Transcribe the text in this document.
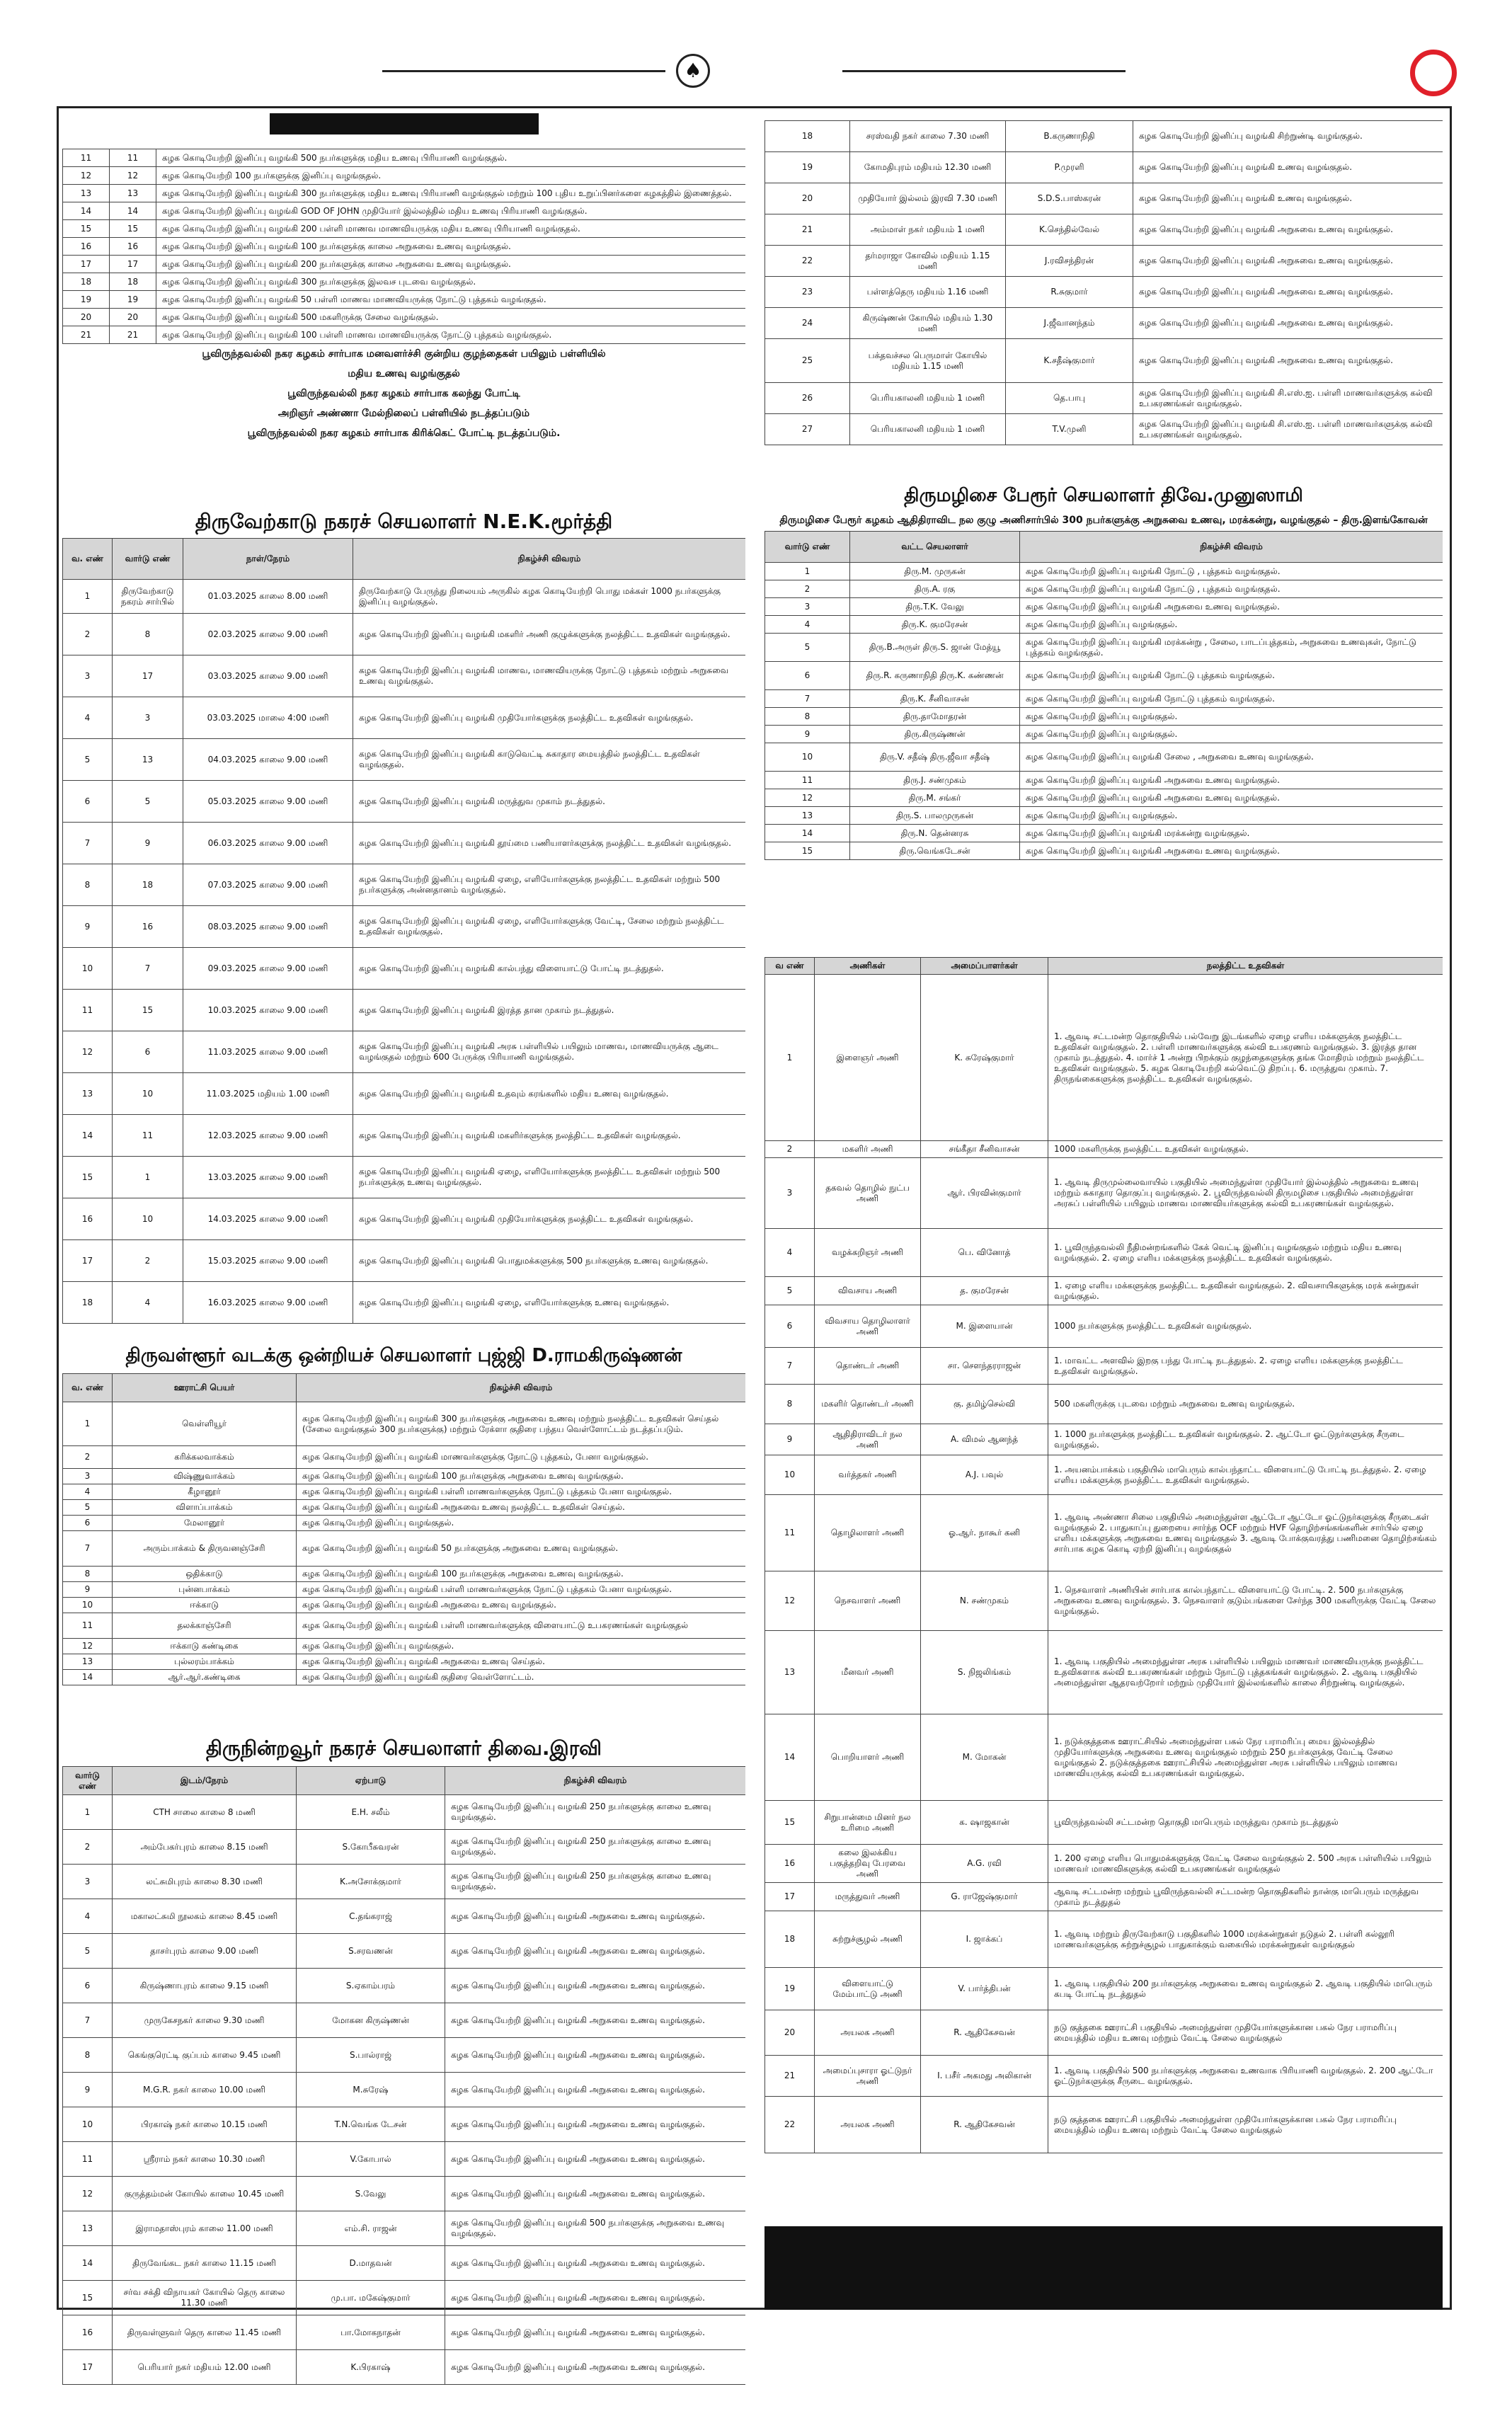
♠
11	11	கழக கொடியேற்றி இனிப்பு வழங்கி 500 நபர்களுக்கு மதிய உணவு பிரியாணி வழங்குதல்.
12	12	கழக கொடியேற்றி 100 நபர்களுக்கு இனிப்பு வழங்குதல்.
13	13	கழக கொடியேற்றி இனிப்பு வழங்கி 300 நபர்களுக்கு மதிய உணவு பிரியாணி வழங்குதல் மற்றும் 100 புதிய உறுப்பினர்களை கழகத்தில் இணைத்தல்.
14	14	கழக கொடியேற்றி இனிப்பு வழங்கி GOD OF JOHN முதியோர் இல்லத்தில் மதிய உணவு பிரியாணி வழங்குதல்.
15	15	கழக கொடியேற்றி இனிப்பு வழங்கி 200 பள்ளி மாணவ மாணவியருக்கு மதிய உணவு பிரியாணி வழங்குதல்.
16	16	கழக கொடியேற்றி இனிப்பு வழங்கி 100 நபர்களுக்கு காலை அறுசுவை உணவு வழங்குதல்.
17	17	கழக கொடியேற்றி இனிப்பு வழங்கி 200 நபர்களுக்கு காலை அறுசுவை உணவு வழங்குதல்.
18	18	கழக கொடியேற்றி இனிப்பு வழங்கி 300 நபர்களுக்கு இலவச புடவை வழங்குதல்.
19	19	கழக கொடியேற்றி இனிப்பு வழங்கி 50 பள்ளி மாணவ மாணவியருக்கு நோட்டு புத்தகம் வழங்குதல்.
20	20	கழக கொடியேற்றி இனிப்பு வழங்கி 500 மகளிருக்கு சேலை வழங்குதல்.
21	21	கழக கொடியேற்றி இனிப்பு வழங்கி 100 பள்ளி மாணவ மாணவியருக்கு நோட்டு புத்தகம் வழங்குதல்.
பூவிருந்தவல்லி நகர கழகம் சார்பாக மனவளர்ச்சி குன்றிய குழந்தைகள் பயிலும் பள்ளியில்
மதிய உணவு வழங்குதல்
பூவிருந்தவல்லி நகர கழகம் சார்பாக கலந்து போட்டி
அறிஞர் அண்ணா மேல்நிலைப் பள்ளியில் நடத்தப்படும்
பூவிருந்தவல்லி நகர கழகம் சார்பாக கிரிக்கெட் போட்டி நடத்தப்படும்.
திருவேற்காடு நகரச் செயலாளர் N.E.K.மூர்த்தி
வ. எண்	வார்டு எண்	நாள்/நேரம்	நிகழ்ச்சி விவரம்
1	திருவேற்காடு நகரம் சார்பில்	01.03.2025 காலை 8.00 மணி	திருவேற்காடு பேருந்து நிலையம் அருகில் கழக கொடியேற்றி பொது மக்கள் 1000 நபர்களுக்கு இனிப்பு வழங்குதல்.
2	8	02.03.2025 காலை 9.00 மணி	கழக கொடியேற்றி இனிப்பு வழங்கி மகளிர் அணி குழுக்களுக்கு நலத்திட்ட உதவிகள் வழங்குதல்.
3	17	03.03.2025 காலை 9.00 மணி	கழக கொடியேற்றி இனிப்பு வழங்கி மாணவ, மாணவியருக்கு நோட்டு புத்தகம் மற்றும் அறுசுவை உணவு வழங்குதல்.
4	3	03.03.2025 மாலை 4:00 மணி	கழக கொடியேற்றி இனிப்பு வழங்கி முதியோர்களுக்கு நலத்திட்ட உதவிகள் வழங்குதல்.
5	13	04.03.2025 காலை 9.00 மணி	கழக கொடியேற்றி இனிப்பு வழங்கி காடுவெட்டி சுகாதார மையத்தில் நலத்திட்ட உதவிகள் வழங்குதல்.
6	5	05.03.2025 காலை 9.00 மணி	கழக கொடியேற்றி இனிப்பு வழங்கி மருத்துவ முகாம் நடத்துதல்.
7	9	06.03.2025 காலை 9.00 மணி	கழக கொடியேற்றி இனிப்பு வழங்கி தூய்மை பணியாளர்களுக்கு நலத்திட்ட உதவிகள் வழங்குதல்.
8	18	07.03.2025 காலை 9.00 மணி	கழக கொடியேற்றி இனிப்பு வழங்கி ஏழை, எளியோர்களுக்கு நலத்திட்ட உதவிகள் மற்றும் 500 நபர்களுக்கு அன்னதானம் வழங்குதல்.
9	16	08.03.2025 காலை 9.00 மணி	கழக கொடியேற்றி இனிப்பு வழங்கி ஏழை, எளியோர்களுக்கு வேட்டி, சேலை மற்றும் நலத்திட்ட உதவிகள் வழங்குதல்.
10	7	09.03.2025 காலை 9.00 மணி	கழக கொடியேற்றி இனிப்பு வழங்கி கால்பந்து விளையாட்டு போட்டி நடத்துதல்.
11	15	10.03.2025 காலை 9.00 மணி	கழக கொடியேற்றி இனிப்பு வழங்கி இரத்த தான முகாம் நடத்துதல்.
12	6	11.03.2025 காலை 9.00 மணி	கழக கொடியேற்றி இனிப்பு வழங்கி அரசு பள்ளியில் பயிலும் மாணவ, மாணவியருக்கு ஆடை வழங்குதல் மற்றும் 600 பேருக்கு பிரியாணி வழங்குதல்.
13	10	11.03.2025 மதியம் 1.00 மணி	கழக கொடியேற்றி இனிப்பு வழங்கி உதவும் கரங்களில் மதிய உணவு வழங்குதல்.
14	11	12.03.2025 காலை 9.00 மணி	கழக கொடியேற்றி இனிப்பு வழங்கி மகளிர்களுக்கு நலத்திட்ட உதவிகள் வழங்குதல்.
15	1	13.03.2025 காலை 9.00 மணி	கழக கொடியேற்றி இனிப்பு வழங்கி ஏழை, எளியோர்களுக்கு நலத்திட்ட உதவிகள் மற்றும் 500 நபர்களுக்கு உணவு வழங்குதல்.
16	10	14.03.2025 காலை 9.00 மணி	கழக கொடியேற்றி இனிப்பு வழங்கி முதியோர்களுக்கு நலத்திட்ட உதவிகள் வழங்குதல்.
17	2	15.03.2025 காலை 9.00 மணி	கழக கொடியேற்றி இனிப்பு வழங்கி பொதுமக்களுக்கு 500 நபர்களுக்கு உணவு வழங்குதல்.
18	4	16.03.2025 காலை 9.00 மணி	கழக கொடியேற்றி இனிப்பு வழங்கி ஏழை, எளியோர்களுக்கு உணவு வழங்குதல்.
திருவள்ளூர் வடக்கு ஒன்றியச் செயலாளர் புஜ்ஜி D.ராமகிருஷ்ணன்
வ. எண்	ஊராட்சி பெயர்	நிகழ்ச்சி விவரம்
1	வெள்ளியூர்	கழக கொடியேற்றி இனிப்பு வழங்கி 300 நபர்களுக்கு அறுசுவை உணவு மற்றும் நலத்திட்ட உதவிகள் செய்தல் (சேலை வழங்குதல் 300 நபர்களுக்கு) மற்றும் ரேக்ளா குதிரை பந்தய வெள்ளோட்டம் நடத்தப்படும்.
2	கரிக்கலவாக்கம்	கழக கொடியேற்றி இனிப்பு வழங்கி மாணவர்களுக்கு நோட்டு புத்தகம், பேனா வழங்குதல்.
3	விஷ்ணுவாக்கம்	கழக கொடியேற்றி இனிப்பு வழங்கி 100 நபர்களுக்கு அறுசுவை உணவு வழங்குதல்.
4	கீழானூர்	கழக கொடியேற்றி இனிப்பு வழங்கி பள்ளி மாணவர்களுக்கு நோட்டு புத்தகம் பேனா வழங்குதல்.
5	விளாப்பாக்கம்	கழக கொடியேற்றி இனிப்பு வழங்கி அறுசுவை உணவு நலத்திட்ட உதவிகள் செய்தல்.
6	மேலானூர்	கழக கொடியேற்றி இனிப்பு வழங்குதல்.
7	அரும்பாக்கம் & திருவனஞ்சேரி	கழக கொடியேற்றி இனிப்பு வழங்கி 50 நபர்களுக்கு அறுசுவை உணவு வழங்குதல்.
8	ஒதிக்காடு	கழக கொடியேற்றி இனிப்பு வழங்கி 100 நபர்களுக்கு அறுசுவை உணவு வழங்குதல்.
9	புன்னபாக்கம்	கழக கொடியேற்றி இனிப்பு வழங்கி பள்ளி மாணவர்களுக்கு நோட்டு புத்தகம் பேனா வழங்குதல்.
10	ஈக்காடு	கழக கொடியேற்றி இனிப்பு வழங்கி அறுசுவை உணவு வழங்குதல்.
11	தலக்காஞ்சேரி	கழக கொடியேற்றி இனிப்பு வழங்கி பள்ளி மாணவர்களுக்கு விளையாட்டு உபகரணங்கள் வழங்குதல்
12	ஈக்காடு கண்டிகை	கழக கொடியேற்றி இனிப்பு வழங்குதல்.
13	புல்லரம்பாக்கம்	கழக கொடியேற்றி இனிப்பு வழங்கி அறுசுவை உணவு செய்தல்.
14	ஆர்.ஆர்.கண்டிகை	கழக கொடியேற்றி இனிப்பு வழங்கி குதிரை வெள்ளோட்டம்.
திருநின்றவூர் நகரச் செயலாளர் திவை.இரவி
வார்டு எண்	இடம்/நேரம்	ஏற்பாடு	நிகழ்ச்சி விவரம்
1	CTH சாலை காலை 8 மணி	E.H. சலீம்	கழக கொடியேற்றி இனிப்பு வழங்கி 250 நபர்களுக்கு காலை உணவு வழங்குதல்.
2	அம்பேகர்புரம் காலை 8.15 மணி	S.கோபீசுவரன்	கழக கொடியேற்றி இனிப்பு வழங்கி 250 நபர்களுக்கு காலை உணவு வழங்குதல்.
3	லட்சுமிபுரம் காலை 8.30 மணி	K.அசோக்குமார்	கழக கொடியேற்றி இனிப்பு வழங்கி 250 நபர்களுக்கு காலை உணவு வழங்குதல்.
4	மகாலட்சுமி நூலகம் காலை 8.45 மணி	C.தங்கராஜ்	கழக கொடியேற்றி இனிப்பு வழங்கி அறுசுவை உணவு வழங்குதல்.
5	தாசர்புரம் காலை 9.00 மணி	S.சரவணன்	கழக கொடியேற்றி இனிப்பு வழங்கி அறுசுவை உணவு வழங்குதல்.
6	கிருஷ்ணாபுரம் காலை 9.15 மணி	S.ஏகாம்பரம்	கழக கொடியேற்றி இனிப்பு வழங்கி அறுசுவை உணவு வழங்குதல்.
7	முருகேசநகர் காலை 9.30 மணி	மோகன கிருஷ்ணன்	கழக கொடியேற்றி இனிப்பு வழங்கி அறுசுவை உணவு வழங்குதல்.
8	கெங்குரெட்டி குப்பம் காலை 9.45 மணி	S.பால்ராஜ்	கழக கொடியேற்றி இனிப்பு வழங்கி அறுசுவை உணவு வழங்குதல்.
9	M.G.R. நகர் காலை 10.00 மணி	M.சுரேஷ்	கழக கொடியேற்றி இனிப்பு வழங்கி அறுசுவை உணவு வழங்குதல்.
10	பிரகாஷ் நகர் காலை 10.15 மணி	T.N.வெங்க டேசன்	கழக கொடியேற்றி இனிப்பு வழங்கி அறுசுவை உணவு வழங்குதல்.
11	ஸ்ரீராம் நகர் காலை 10.30 மணி	V.கோபால்	கழக கொடியேற்றி இனிப்பு வழங்கி அறுசுவை உணவு வழங்குதல்.
12	குருத்தம்மன் கோயில் காலை 10.45 மணி	S.வேலு	கழக கொடியேற்றி இனிப்பு வழங்கி அறுசுவை உணவு வழங்குதல்.
13	இராமதாஸ்புரம் காலை 11.00 மணி	எம்.சி. ராஜன்	கழக கொடியேற்றி இனிப்பு வழங்கி 500 நபர்களுக்கு அறுசுவை உணவு வழங்குதல்.
14	திருவேங்கட நகர் காலை 11.15 மணி	D.மாதவன்	கழக கொடியேற்றி இனிப்பு வழங்கி அறுசுவை உணவு வழங்குதல்.
15	சர்வ சக்தி விநாயகர் கோயில் தெரு காலை 11.30 மணி	மு.பா. மகேஷ்குமார்	கழக கொடியேற்றி இனிப்பு வழங்கி அறுசுவை உணவு வழங்குதல்.
16	திருவள்ளுவர் தெரு காலை 11.45 மணி	பா.மோகநாதன்	கழக கொடியேற்றி இனிப்பு வழங்கி அறுசுவை உணவு வழங்குதல்.
17	பெரியார் நகர் மதியம் 12.00 மணி	K.பிரகாஷ்	கழக கொடியேற்றி இனிப்பு வழங்கி அறுசுவை உணவு வழங்குதல்.
18	சரஸ்வதி நகர் காலை 7.30 மணி	B.கருணாநிதி	கழக கொடியேற்றி இனிப்பு வழங்கி சிற்றுண்டி வழங்குதல்.
19	கோமதிபுரம் மதியம் 12.30 மணி	P.முரளி	கழக கொடியேற்றி இனிப்பு வழங்கி உணவு வழங்குதல்.
20	முதியோர் இல்லம் இரவி 7.30 மணி	S.D.S.பாஸ்கரன்	கழக கொடியேற்றி இனிப்பு வழங்கி உணவு வழங்குதல்.
21	அம்மாள் நகர் மதியம் 1 மணி	K.செந்தில்வேல்	கழக கொடியேற்றி இனிப்பு வழங்கி அறுசுவை உணவு வழங்குதல்.
22	தர்மராஜா கோவில் மதியம் 1.15 மணி	J.ரவிசந்திரன்	கழக கொடியேற்றி இனிப்பு வழங்கி அறுசுவை உணவு வழங்குதல்.
23	பள்ளத்தெரு மதியம் 1.16 மணி	R.சுகுமார்	கழக கொடியேற்றி இனிப்பு வழங்கி அறுசுவை உணவு வழங்குதல்.
24	கிருஷ்ணன் கோயில் மதியம் 1.30 மணி	J.ஜீவானந்தம்	கழக கொடியேற்றி இனிப்பு வழங்கி அறுசுவை உணவு வழங்குதல்.
25	பக்தவச்சல பெருமாள் கோயில் மதியம் 1.15 மணி	K.சதீஷ்குமார்	கழக கொடியேற்றி இனிப்பு வழங்கி அறுசுவை உணவு வழங்குதல்.
26	பெரியகாலனி மதியம் 1 மணி	தெ.பாபு	கழக கொடியேற்றி இனிப்பு வழங்கி சி.எஸ்.ஐ. பள்ளி மாணவர்களுக்கு கல்வி உபகரணங்கள் வழங்குதல்.
27	பெரியகாலனி மதியம் 1 மணி	T.V.முனி	கழக கொடியேற்றி இனிப்பு வழங்கி சி.எஸ்.ஐ. பள்ளி மாணவர்களுக்கு கல்வி உபகரணங்கள் வழங்குதல்.
திருமழிசை பேரூர் செயலாளர் திவே.முனுஸாமி
திருமழிசை பேரூர் கழகம் ஆதிதிராவிட நல குழு அணிசார்பில் 300 நபர்களுக்கு அறுசுவை உணவு, மரக்கன்று, வழங்குதல் – திரு.இளங்கோவன்
வார்டு எண்	வட்ட செயலாளர்	நிகழ்ச்சி விவரம்
1	திரு.M. முருகன்	கழக கொடியேற்றி இனிப்பு வழங்கி நோட்டு , புத்தகம் வழங்குதல்.
2	திரு.A. ரகு	கழக கொடியேற்றி இனிப்பு வழங்கி நோட்டு , புத்தகம் வழங்குதல்.
3	திரு.T.K. வேலு	கழக கொடியேற்றி இனிப்பு வழங்கி அறுசுவை உணவு வழங்குதல்.
4	திரு.K. குமரேசன்	கழக கொடியேற்றி இனிப்பு வழங்குதல்.
5	திரு.B.அருள் திரு.S. ஜான் மேத்யூ	கழக கொடியேற்றி இனிப்பு வழங்கி மரக்கன்று , சேலை, பாடப்புத்தகம், அறுசுவை உணவுகள், நோட்டு புத்தகம் வழங்குதல்.
6	திரு.R. கருணாநிதி திரு.K. கண்ணன்	கழக கொடியேற்றி இனிப்பு வழங்கி நோட்டு புத்தகம் வழங்குதல்.
7	திரு.K. சீனிவாசன்	கழக கொடியேற்றி இனிப்பு வழங்கி நோட்டு புத்தகம் வழங்குதல்.
8	திரு.தாமோதரன்	கழக கொடியேற்றி இனிப்பு வழங்குதல்.
9	திரு.கிருஷ்ணன்	கழக கொடியேற்றி இனிப்பு வழங்குதல்.
10	திரு.V. சதீஷ் திரு.ஜீவா சதீஷ்	கழக கொடியேற்றி இனிப்பு வழங்கி சேலை , அறுசுவை உணவு வழங்குதல்.
11	திரு.J. சண்முகம்	கழக கொடியேற்றி இனிப்பு வழங்கி அறுசுவை உணவு வழங்குதல்.
12	திரு.M. சங்கர்	கழக கொடியேற்றி இனிப்பு வழங்கி அறுசுவை உணவு வழங்குதல்.
13	திரு.S. பாலமுருகன்	கழக கொடியேற்றி இனிப்பு வழங்குதல்.
14	திரு.N. தென்னரசு	கழக கொடியேற்றி இனிப்பு வழங்கி மரக்கன்று வழங்குதல்.
15	திரு.வெங்கடேசன்	கழக கொடியேற்றி இனிப்பு வழங்கி அறுசுவை உணவு வழங்குதல்.
வ எண்	அணிகள்	அமைப்பாளர்கள்	நலத்திட்ட உதவிகள்
1	இளைஞர் அணி	K. சுரேஷ்குமார்	1. ஆவடி சட்டமன்ற தொகுதியில் பல்வேறு இடங்களில் ஏழை எளிய மக்களுக்கு நலத்திட்ட உதவிகள் வழங்குதல். 2. பள்ளி மாணவர்களுக்கு கல்வி உபகரணம் வழங்குதல். 3. இரத்த தான முகாம் நடத்துதல். 4. மார்ச் 1 அன்று பிறக்கும் குழந்தைகளுக்கு தங்க மோதிரம் மற்றும் நலத்திட்ட உதவிகள் வழங்குதல். 5. கழக கொடியேற்றி கல்வெட்டு திறப்பு. 6. மருத்துவ முகாம். 7. திருநங்கைகளுக்கு நலத்திட்ட உதவிகள் வழங்குதல்.
2	மகளிர் அணி	சங்கீதா சீனிவாசன்	1000 மகளிருக்கு நலத்திட்ட உதவிகள் வழங்குதல்.
3	தகவல் தொழில் நுட்ப அணி	ஆர். பிரவின்குமார்	1. ஆவடி திருமுல்லைவாயில் பகுதியில் அமைந்துள்ள முதியோர் இல்லத்தில் அறுசுவை உணவு மற்றும் சுகாதார தொகுப்பு வழங்குதல். 2. பூவிருந்தவல்லி திருமழிசை பகுதியில் அமைந்துள்ள அரசுப் பள்ளியில் பயிலும் மாணவ மாணவியர்களுக்கு கல்வி உபகரணங்கள் வழங்குதல்.
4	வழக்கறிஞர் அணி	பெ. வினோத்	1. பூவிருந்தவல்லி நீதிமன்றங்களில் கேக் வெட்டி இனிப்பு வழங்குதல் மற்றும் மதிய உணவு வழங்குதல். 2. ஏழை எளிய மக்களுக்கு நலத்திட்ட உதவிகள் வழங்குதல்.
5	விவசாய அணி	த. குமரேசன்	1. ஏழை எளிய மக்களுக்கு நலத்திட்ட உதவிகள் வழங்குதல். 2. விவசாயிகளுக்கு மரக் கன்றுகள் வழங்குதல்.
6	விவசாய தொழிலாளர் அணி	M. இளையான்	1000 நபர்களுக்கு நலத்திட்ட உதவிகள் வழங்குதல்.
7	தொண்டர் அணி	சா. சௌந்தரராஜன்	1. மாவட்ட அளவில் இறகு பந்து போட்டி நடத்துதல். 2. ஏழை எளிய மக்களுக்கு நலத்திட்ட உதவிகள் வழங்குதல்.
8	மகளிர் தொண்டர் அணி	கு. தமிழ்செல்வி	500 மகளிருக்கு புடவை மற்றும் அறுசுவை உணவு வழங்குதல்.
9	ஆதிதிராவிடர் நல அணி	A. விமல் ஆனந்த்	1. 1000 நபர்களுக்கு நலத்திட்ட உதவிகள் வழங்குதல். 2. ஆட்டோ ஓட்டுநர்களுக்கு சீருடை வழங்குதல்.
10	வர்த்தகர் அணி	A.J. பவுல்	1. அயனம்பாக்கம் பகுதியில் மாபெரும் கால்பந்தாட்ட விளையாட்டு போட்டி நடத்துதல். 2. ஏழை எளிய மக்களுக்கு நலத்திட்ட உதவிகள் வழங்குதல்.
11	தொழிலாளர் அணி	ஓ.ஆர். நாகூர் கனி	1. ஆவடி அண்ணா சிலை பகுதியில் அமைந்துள்ள ஆட்டோ ஆட்டோ ஓட்டுநர்களுக்கு சீருடைகள் வழங்குதல் 2. பாதுகாப்பு துறையை சார்ந்த OCF மற்றும் HVF தொழிற்சங்கங்களின் சார்பில் ஏழை எளிய மக்களுக்கு அறுசுவை உணவு வழங்குதல் 3. ஆவடி போக்குவரத்து பணிமனை தொழிற்சங்கம் சார்பாக கழக கொடி ஏற்றி இனிப்பு வழங்குதல்
12	நெசவாளர் அணி	N. சண்முகம்	1. நெசவாளர் அணியின் சார்பாக கால்பந்தாட்ட விளையாட்டு போட்டி. 2. 500 நபர்களுக்கு அறுசுவை உணவு வழங்குதல். 3. நெசவாளர் குடும்பங்களை சேர்ந்த 300 மகளிருக்கு வேட்டி சேலை வழங்குதல்.
13	மீனவர் அணி	S. நிஜலிங்கம்	1. ஆவடி பகுதியில் அமைந்துள்ள அரசு பள்ளியில் பயிலும் மாணவர் மாணவியருக்கு நலத்திட்ட உதவிகளாக கல்வி உபகரணங்கள் மற்றும் நோட்டு புத்தகங்கள் வழங்குதல். 2. ஆவடி பகுதியில் அமைந்துள்ள ஆதரவற்றோர் மற்றும் முதியோர் இல்லங்களில் காலை சிற்றுண்டி வழங்குதல்.
14	பொறியாளர் அணி	M. மோகன்	1. நடுக்குத்தகை ஊராட்சியில் அமைந்துள்ள பகல் நேர பராமரிப்பு மைய இல்லத்தில் முதியோர்களுக்கு அறுசுவை உணவு வழங்குதல் மற்றும் 250 நபர்களுக்கு வேட்டி சேலை வழங்குதல் 2. நடுக்குத்தகை ஊராட்சியில் அமைந்துள்ள அரசு பள்ளியில் பயிலும் மாணவ மாணவியருக்கு கல்வி உபகரணங்கள் வழங்குதல்.
15	சிறுபான்மை மினர் நல உரிமை அணி	க. ஷாஜகான்	பூவிருந்தவல்லி சட்டமன்ற தொகுதி மாபெரும் மருத்துவ முகாம் நடத்துதல்
16	கலை இலக்கிய பகுத்தறிவு பேரவை அணி	A.G. ரவி	1. 200 ஏழை எளிய பொதுமக்களுக்கு வேட்டி சேலை வழங்குதல் 2. 500 அரசு பள்ளியில் பயிலும் மாணவர் மாணவிகளுக்கு கல்வி உபகரணங்கள் வழங்குதல்
17	மருத்துவர் அணி	G. ராஜேஷ்குமார்	ஆவடி சட்டமன்ற மற்றும் பூவிருந்தவல்லி சட்டமன்ற தொகுதிகளில் நான்கு மாபெரும் மருத்துவ முகாம் நடத்துதல்
18	சுற்றுச்சூழல் அணி	I. ஜாக்கப்	1. ஆவடி மற்றும் திருவேற்காடு பகுதிகளில் 1000 மரக்கன்றுகள் நடுதல் 2. பள்ளி கல்லூரி மாணவர்களுக்கு சுற்றுச்சூழல் பாதுகாக்கும் வகையில் மரக்கன்றுகள் வழங்குதல்
19	விளையாட்டு மேம்பாட்டு அணி	V. பார்த்திபன்	1. ஆவடி பகுதியில் 200 நபர்களுக்கு அறுசுவை உணவு வழங்குதல் 2. ஆவடி பகுதியில் மாபெரும் கபடி போட்டி நடத்துதல்
20	அயலக அணி	R. ஆதிகேசவன்	நடு குத்தகை ஊராட்சி பகுதியில் அமைந்துள்ள முதியோர்களுக்கான பகல் நேர பராமரிப்பு மையத்தில் மதிய உணவு மற்றும் வேட்டி சேலை வழங்குதல்
21	அமைப்புசாரா ஓட்டுநர் அணி	I. பசீர் அகமது அலிகான்	1. ஆவடி பகுதியில் 500 நபர்களுக்கு அறுசுவை உணவாக பிரியாணி வழங்குதல். 2. 200 ஆட்டோ ஓட்டுநர்களுக்கு சீருடை வழங்குதல்.
22	அயலக அணி	R. ஆதிகேசவன்	நடு குத்தகை ஊராட்சி பகுதியில் அமைந்துள்ள முதியோர்களுக்கான பகல் நேர பராமரிப்பு மையத்தில் மதிய உணவு மற்றும் வேட்டி சேலை வழங்குதல்
